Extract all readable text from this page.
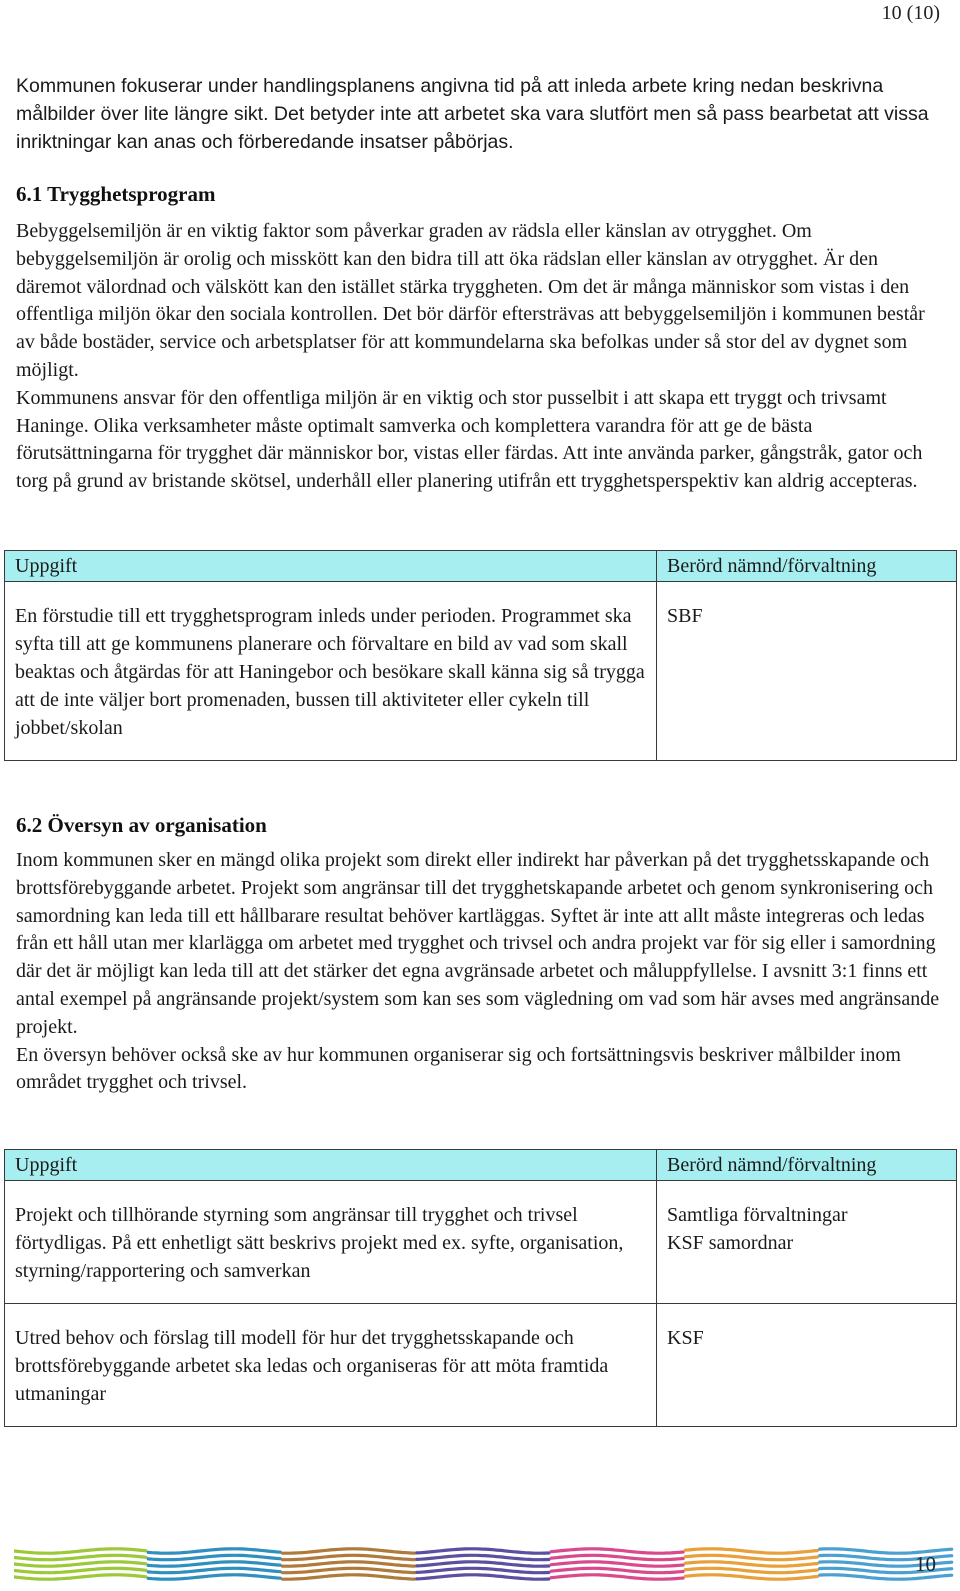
10 (10)

Kommunen fokuserar under handlingsplanens angivna tid på att inleda arbete kring nedan beskrivna målbilder över lite längre sikt. Det betyder inte att arbetet ska vara slutfört men så pass bearbetat att vissa inriktningar kan anas och förberedande insatser påbörjas.

6.1 Trygghetsprogram

Bebyggelsemiljön är en viktig faktor som påverkar graden av rädsla eller känslan av otrygghet. Om bebyggelsemiljön är orolig och misskött kan den bidra till att öka rädslan eller känslan av otrygghet. Är den däremot välordnad och välskött kan den istället stärka tryggheten. Om det är många människor som vistas i den offentliga miljön ökar den sociala kontrollen. Det bör därför eftersträvas att bebyggelsemiljön i kommunen består av både bostäder, service och arbetsplatser för att kommundelarna ska befolkas under så stor del av dygnet som möjligt.

Kommunens ansvar för den offentliga miljön är en viktig och stor pusselbit i att skapa ett tryggt och trivsamt Haninge. Olika verksamheter måste optimalt samverka och komplettera varandra för att ge de bästa förutsättningarna för trygghet där människor bor, vistas eller färdas. Att inte använda parker, gångstråk, gator och torg på grund av bristande skötsel, underhåll eller planering utifrån ett trygghetsperspektiv kan aldrig accepteras.

Uppgift	Berörd nämnd/förvaltning
En förstudie till ett trygghetsprogram inleds under perioden. Programmet ska syfta till att ge kommunens planerare och förvaltare en bild av vad som skall beaktas och åtgärdas för att Haningebor och besökare skall känna sig så trygga att de inte väljer bort promenaden, bussen till aktiviteter eller cykeln till jobbet/skolan	SBF
6.2 Översyn av organisation

Inom kommunen sker en mängd olika projekt som direkt eller indirekt har påverkan på det trygghetsskapande och brottsförebyggande arbetet. Projekt som angränsar till det trygghetskapande arbetet och genom synkronisering och samordning kan leda till ett hållbarare resultat behöver kartläggas. Syftet är inte att allt måste integreras och ledas från ett håll utan mer klarlägga om arbetet med trygghet och trivsel och andra projekt var för sig eller i samordning där det är möjligt kan leda till att det stärker det egna avgränsade arbetet och måluppfyllelse. I avsnitt 3:1 finns ett antal exempel på angränsande projekt/system som kan ses som vägledning om vad som här avses med angränsande projekt.

En översyn behöver också ske av hur kommunen organiserar sig och fortsättningsvis beskriver målbilder inom området trygghet och trivsel.

Uppgift	Berörd nämnd/förvaltning
Projekt och tillhörande styrning som angränsar till trygghet och trivsel förtydligas. På ett enhetligt sätt beskrivs projekt med ex. syfte, organisation, styrning/rapportering och samverkan	Samtliga förvaltningar
KSF samordnar

Utred behov och förslag till modell för hur det trygghetsskapande och brottsförebyggande arbetet ska ledas och organiseras för att möta framtida utmaningar	KSF
10
